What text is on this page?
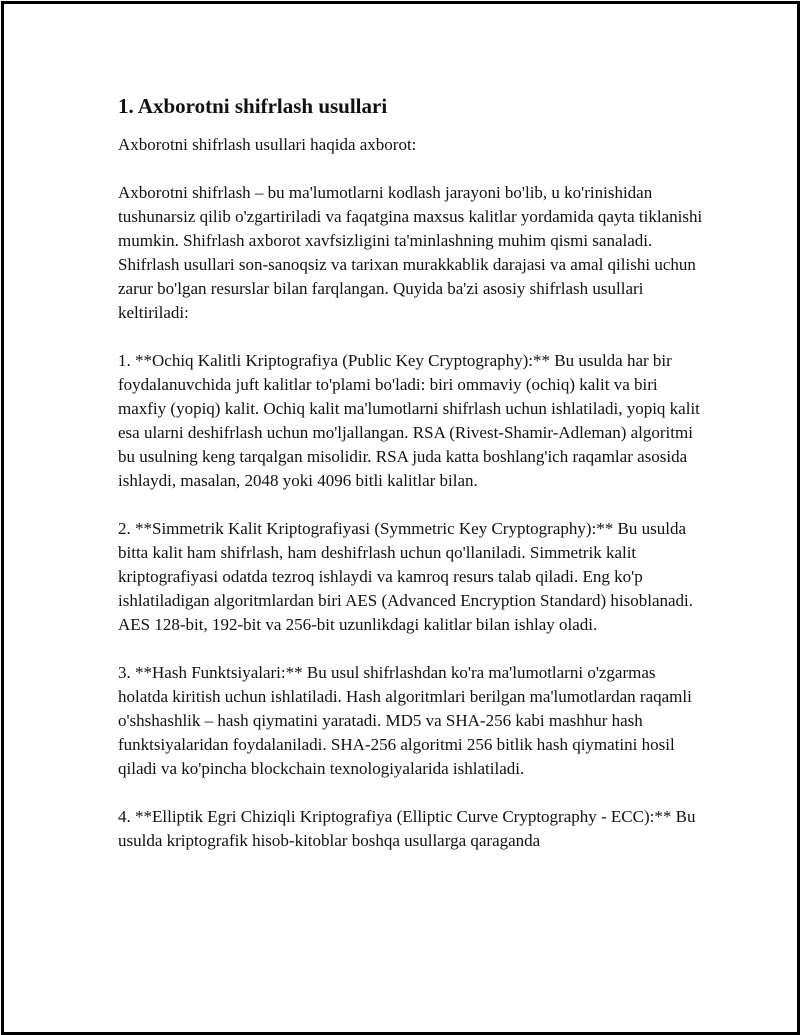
1. Axborotni shifrlash usullari
Axborotni shifrlash usullari haqida axborot:
Axborotni shifrlash – bu ma'lumotlarni kodlash jarayoni bo'lib, u ko'rinishidan tushunarsiz qilib o'zgartiriladi va faqatgina maxsus kalitlar yordamida qayta tiklanishi mumkin. Shifrlash axborot xavfsizligini ta'minlashning muhim qismi sanaladi. Shifrlash usullari son-sanoqsiz va tarixan murakkablik darajasi va amal qilishi uchun zarur bo'lgan resurslar bilan farqlangan. Quyida ba'zi asosiy shifrlash usullari keltiriladi:
1. **Ochiq Kalitli Kriptografiya (Public Key Cryptography):** Bu usulda har bir foydalanuvchida juft kalitlar to'plami bo'ladi: biri ommaviy (ochiq) kalit va biri maxfiy (yopiq) kalit. Ochiq kalit ma'lumotlarni shifrlash uchun ishlatiladi, yopiq kalit esa ularni deshifrlash uchun mo'ljallangan. RSA (Rivest-Shamir-Adleman) algoritmi bu usulning keng tarqalgan misolidir. RSA juda katta boshlang'ich raqamlar asosida ishlaydi, masalan, 2048 yoki 4096 bitli kalitlar bilan.
2. **Simmetrik Kalit Kriptografiyasi (Symmetric Key Cryptography):** Bu usulda bitta kalit ham shifrlash, ham deshifrlash uchun qo'llaniladi. Simmetrik kalit kriptografiyasi odatda tezroq ishlaydi va kamroq resurs talab qiladi. Eng ko'p ishlatiladigan algoritmlardan biri AES (Advanced Encryption Standard) hisoblanadi. AES 128-bit, 192-bit va 256-bit uzunlikdagi kalitlar bilan ishlay oladi.
3. **Hash Funktsiyalari:** Bu usul shifrlashdan ko'ra ma'lumotlarni o'zgarmas holatda kiritish uchun ishlatiladi. Hash algoritmlari berilgan ma'lumotlardan raqamli o'shshashlik – hash qiymatini yaratadi. MD5 va SHA-256 kabi mashhur hash funktsiyalaridan foydalaniladi. SHA-256 algoritmi 256 bitlik hash qiymatini hosil qiladi va ko'pincha blockchain texnologiyalarida ishlatiladi.
4. **Elliptik Egri Chiziqli Kriptografiya (Elliptic Curve Cryptography - ECC):** Bu usulda kriptografik hisob-kitoblar boshqa usullarga qaraganda
